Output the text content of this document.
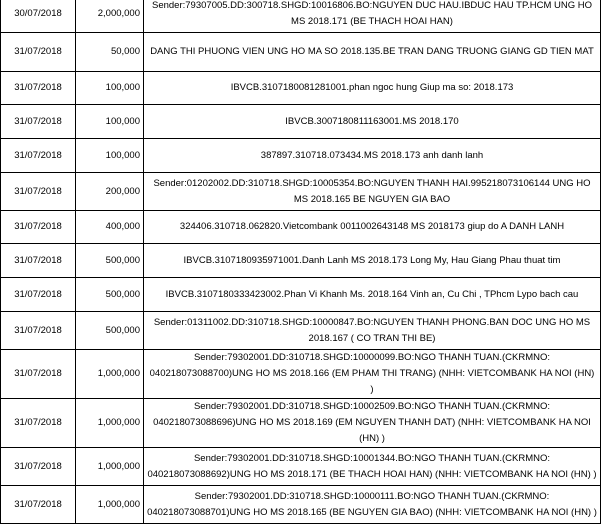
30/07/2018	2,000,000	Sender:79307005.DD:300718.SHGD:10016806.BO:NGUYEN DUC HAU.IBDUC HAU TP.HCM UNG HO MS 2018.171 (BE THACH HOAI HAN)
31/07/2018	50,000	DANG THI PHUONG VIEN UNG HO MA SO 2018.135.BE TRAN DANG TRUONG GIANG GD TIEN MAT
31/07/2018	100,000	IBVCB.3107180081281001.phan ngoc hung Giup ma so: 2018.173
31/07/2018	100,000	IBVCB.3007180811163001.MS 2018.170
31/07/2018	100,000	387897.310718.073434.MS 2018.173 anh danh lanh
31/07/2018	200,000	Sender:01202002.DD:310718.SHGD:10005354.BO:NGUYEN THANH HAI.995218073106144 UNG HO MS 2018.165 BE NGUYEN GIA BAO
31/07/2018	400,000	324406.310718.062820.Vietcombank 0011002643148 MS 2018173 giup do A DANH LANH
31/07/2018	500,000	IBVCB.3107180935971001.Danh Lanh MS 2018.173 Long My, Hau Giang Phau thuat tim
31/07/2018	500,000	IBVCB.3107180333423002.Phan Vi Khanh Ms. 2018.164 Vinh an, Cu Chi , TPhcm Lypo bach cau
31/07/2018	500,000	Sender:01311002.DD:310718.SHGD:10000847.BO:NGUYEN THANH PHONG.BAN DOC UNG HO MS 2018.167 ( CO TRAN THI BE)
31/07/2018	1,000,000	Sender:79302001.DD:310718.SHGD:10000099.BO:NGO THANH TUAN.(CKRMNO: 040218073088700)UNG HO MS 2018.166 (EM PHAM THI TRANG) (NHH: VIETCOMBANK HA NOI (HN) )
31/07/2018	1,000,000	Sender:79302001.DD:310718.SHGD:10002509.BO:NGO THANH TUAN.(CKRMNO: 040218073088696)UNG HO MS 2018.169 (EM NGUYEN THANH DAT) (NHH: VIETCOMBANK HA NOI (HN) )
31/07/2018	1,000,000	Sender:79302001.DD:310718.SHGD:10001344.BO:NGO THANH TUAN.(CKRMNO: 040218073088692)UNG HO MS 2018.171 (BE THACH HOAI HAN) (NHH: VIETCOMBANK HA NOI (HN) )
31/07/2018	1,000,000	Sender:79302001.DD:310718.SHGD:10000111.BO:NGO THANH TUAN.(CKRMNO: 040218073088701)UNG HO MS 2018.165 (BE NGUYEN GIA BAO) (NHH: VIETCOMBANK HA NOI (HN) )
